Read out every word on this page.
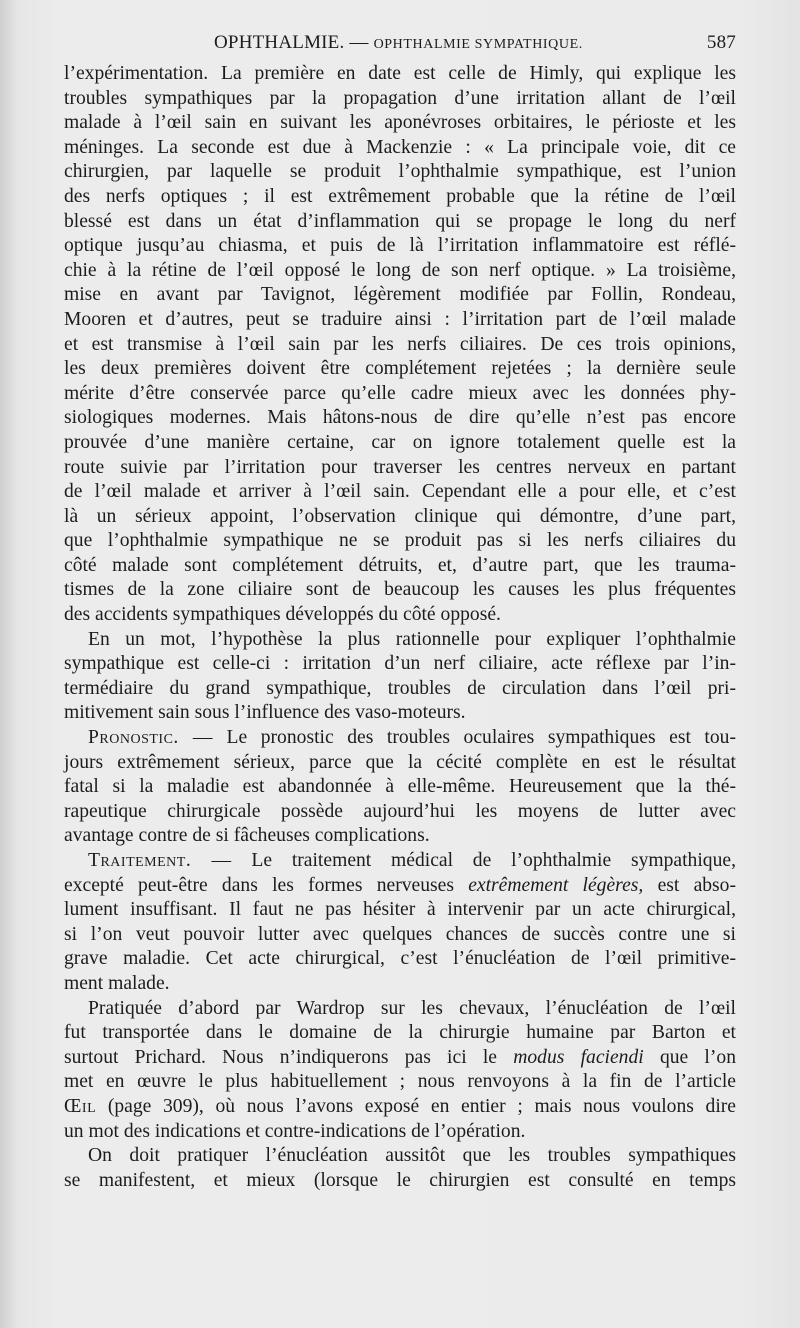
OPHTHALMIE. — OPHTHALMIE SYMPATHIQUE.	587
l’expérimentation. La première en date est celle de Himly, qui explique les
troubles sympathiques par la propagation d’une irritation allant de l’œil
malade à l’œil sain en suivant les aponévroses orbitaires, le périoste et les
méninges. La seconde est due à Mackenzie : « La principale voie, dit ce
chirurgien, par laquelle se produit l’ophthalmie sympathique, est l’union
des nerfs optiques ; il est extrêmement probable que la rétine de l’œil
blessé est dans un état d’inflammation qui se propage le long du nerf
optique jusqu’au chiasma, et puis de là l’irritation inflammatoire est réflé-
chie à la rétine de l’œil opposé le long de son nerf optique. » La troisième,
mise en avant par Tavignot, légèrement modifiée par Follin, Rondeau,
Mooren et d’autres, peut se traduire ainsi : l’irritation part de l’œil malade
et est transmise à l’œil sain par les nerfs ciliaires. De ces trois opinions,
les deux premières doivent être complétement rejetées ; la dernière seule
mérite d’être conservée parce qu’elle cadre mieux avec les données phy-
siologiques modernes. Mais hâtons-nous de dire qu’elle n’est pas encore
prouvée d’une manière certaine, car on ignore totalement quelle est la
route suivie par l’irritation pour traverser les centres nerveux en partant
de l’œil malade et arriver à l’œil sain. Cependant elle a pour elle, et c’est
là un sérieux appoint, l’observation clinique qui démontre, d’une part,
que l’ophthalmie sympathique ne se produit pas si les nerfs ciliaires du
côté malade sont complétement détruits, et, d’autre part, que les trauma-
tismes de la zone ciliaire sont de beaucoup les causes les plus fréquentes
des accidents sympathiques développés du côté opposé.
En un mot, l’hypothèse la plus rationnelle pour expliquer l’ophthalmie
sympathique est celle-ci : irritation d’un nerf ciliaire, acte réflexe par l’in-
termédiaire du grand sympathique, troubles de circulation dans l’œil pri-
mitivement sain sous l’influence des vaso-moteurs.
Pronostic. — Le pronostic des troubles oculaires sympathiques est tou-
jours extrêmement sérieux, parce que la cécité complète en est le résultat
fatal si la maladie est abandonnée à elle-même. Heureusement que la thé-
rapeutique chirurgicale possède aujourd’hui les moyens de lutter avec
avantage contre de si fâcheuses complications.
Traitement. — Le traitement médical de l’ophthalmie sympathique,
excepté peut-être dans les formes nerveuses extrêmement légères, est abso-
lument insuffisant. Il faut ne pas hésiter à intervenir par un acte chirurgical,
si l’on veut pouvoir lutter avec quelques chances de succès contre une si
grave maladie. Cet acte chirurgical, c’est l’énucléation de l’œil primitive-
ment malade.
Pratiquée d’abord par Wardrop sur les chevaux, l’énucléation de l’œil
fut transportée dans le domaine de la chirurgie humaine par Barton et
surtout Prichard. Nous n’indiquerons pas ici le modus faciendi que l’on
met en œuvre le plus habituellement ; nous renvoyons à la fin de l’article
Œil (page 309), où nous l’avons exposé en entier ; mais nous voulons dire
un mot des indications et contre-indications de l’opération.
On doit pratiquer l’énucléation aussitôt que les troubles sympathiques
se manifestent, et mieux (lorsque le chirurgien est consulté en temps
